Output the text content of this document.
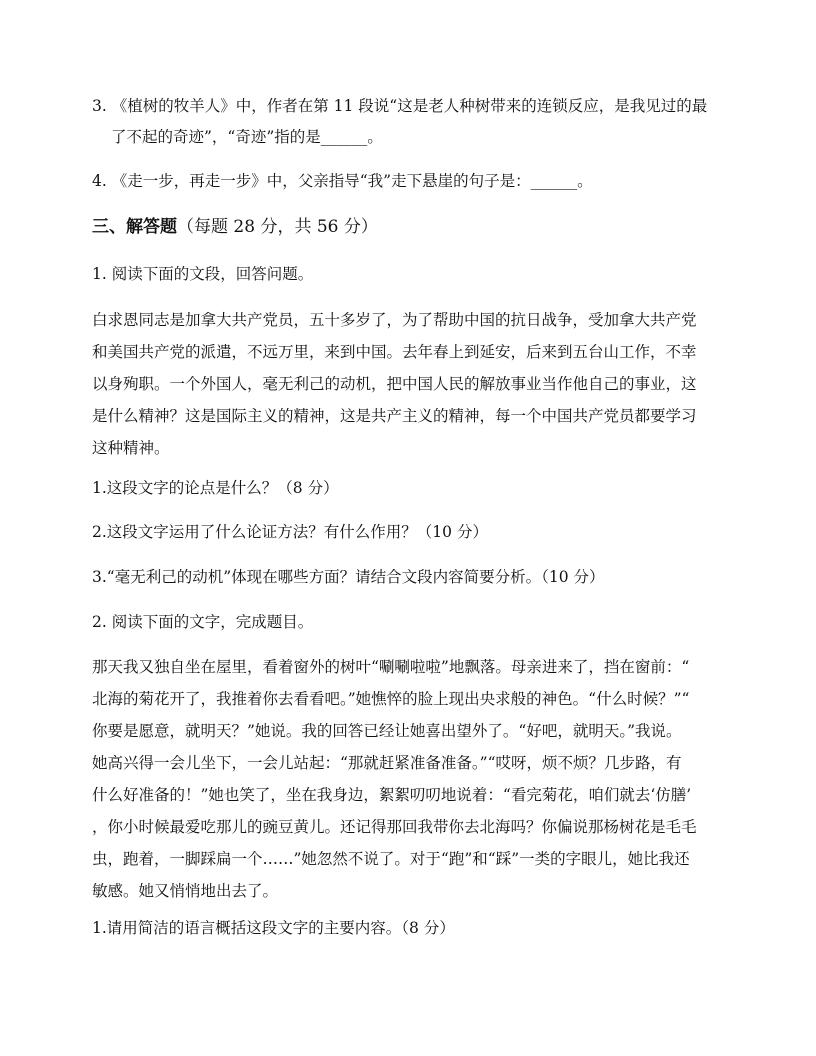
3. 《植树的牧羊人》中，作者在第 11 段说“这是老人种树带来的连锁反应，是我见过的最
了不起的奇迹”，“奇迹”指的是______。
4. 《走一步，再走一步》中，父亲指导“我”走下悬崖的句子是：______。
三、解答题（每题 28 分，共 56 分）
1. 阅读下面的文段，回答问题。
白求恩同志是加拿大共产党员，五十多岁了，为了帮助中国的抗日战争，受加拿大共产党
和美国共产党的派遣，不远万里，来到中国。去年春上到延安，后来到五台山工作，不幸
以身殉职。一个外国人，毫无利己的动机，把中国人民的解放事业当作他自己的事业，这
是什么精神？这是国际主义的精神，这是共产主义的精神，每一个中国共产党员都要学习
这种精神。
1.这段文字的论点是什么？（8 分）
2.这段文字运用了什么论证方法？有什么作用？（10 分）
3.“毫无利己的动机”体现在哪些方面？请结合文段内容简要分析。（10 分）
2. 阅读下面的文字，完成题目。
那天我又独自坐在屋里，看着窗外的树叶“唰唰啦啦”地飘落。母亲进来了，挡在窗前：“
北海的菊花开了，我推着你去看看吧。”她憔悴的脸上现出央求般的神色。“什么时候？”“
你要是愿意，就明天？”她说。我的回答已经让她喜出望外了。“好吧，就明天。”我说。
她高兴得一会儿坐下，一会儿站起：“那就赶紧准备准备。”“哎呀，烦不烦？几步路，有
什么好准备的！”她也笑了，坐在我身边，絮絮叨叨地说着：“看完菊花，咱们就去‘仿膳’
，你小时候最爱吃那儿的豌豆黄儿。还记得那回我带你去北海吗？你偏说那杨树花是毛毛
虫，跑着，一脚踩扁一个……”她忽然不说了。对于“跑”和“踩”一类的字眼儿，她比我还
敏感。她又悄悄地出去了。
1.请用简洁的语言概括这段文字的主要内容。（8 分）
